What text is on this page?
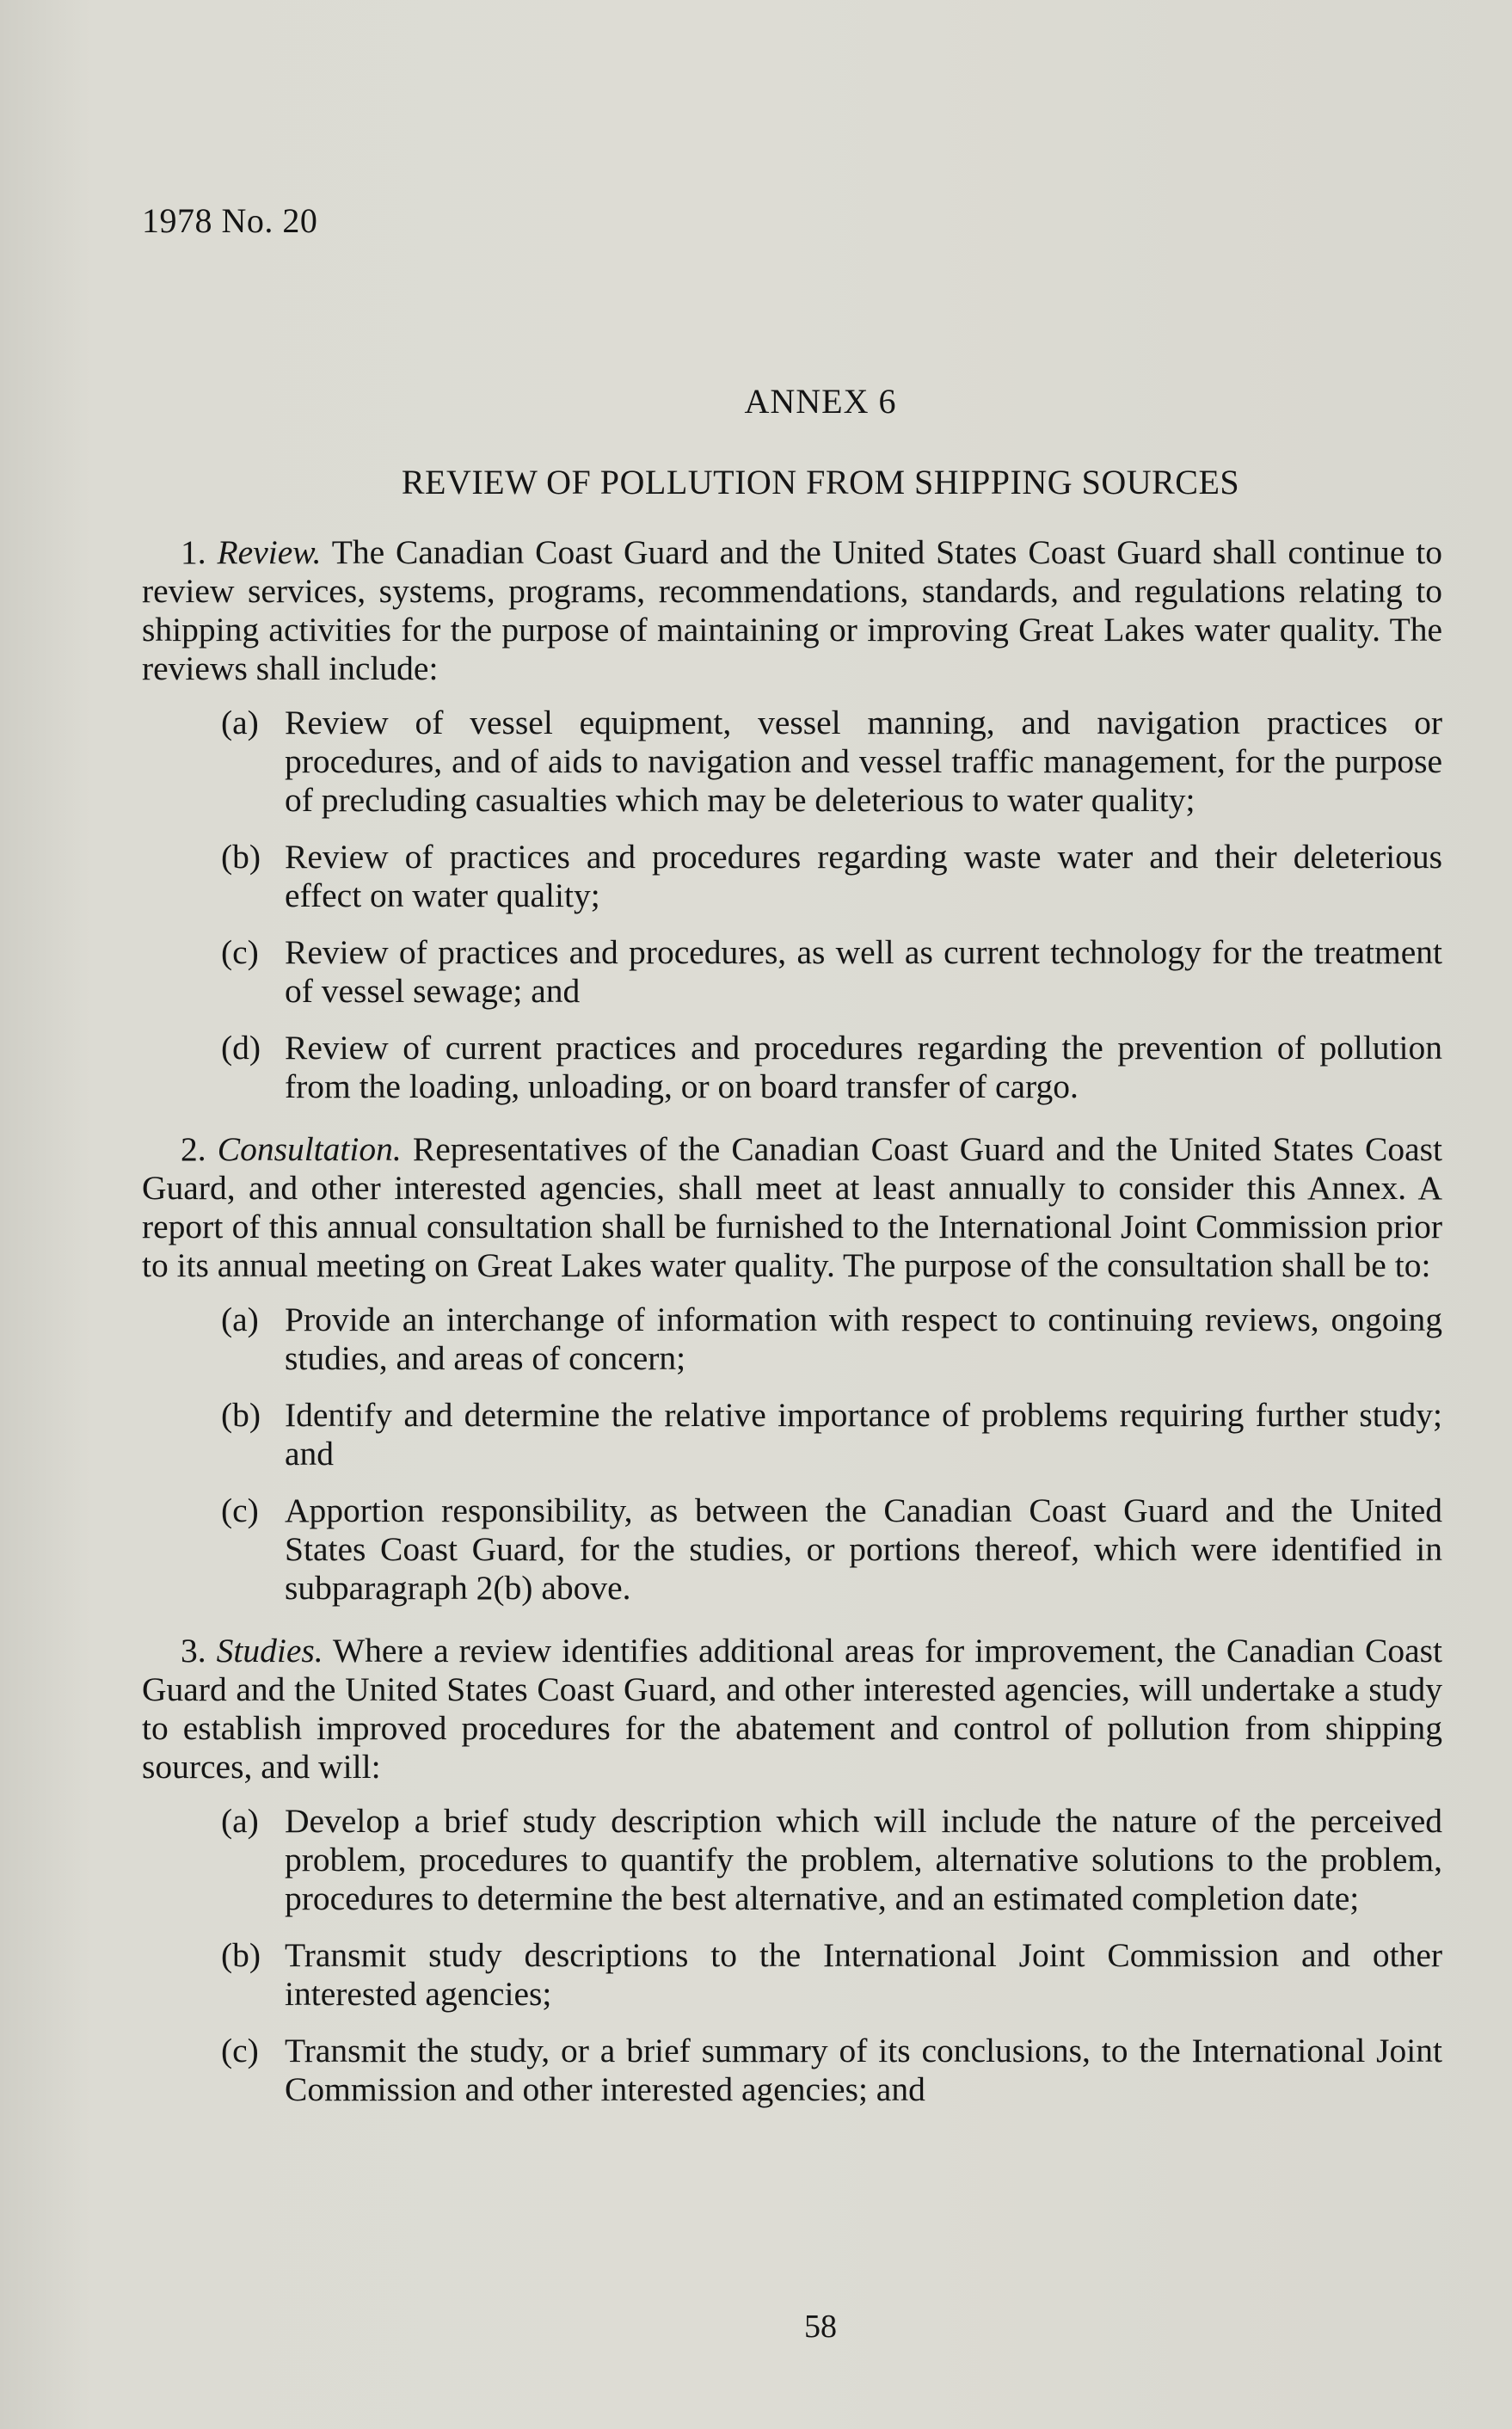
1978 No. 20
ANNEX 6
REVIEW OF POLLUTION FROM SHIPPING SOURCES

1. Review. The Canadian Coast Guard and the United States Coast Guard shall continue to review services, systems, programs, recommendations, standards, and regulations relating to shipping activities for the purpose of maintaining or improving Great Lakes water quality. The reviews shall include:

(a) Review of vessel equipment, vessel manning, and navigation practices or procedures, and of aids to navigation and vessel traffic management, for the purpose of precluding casualties which may be deleterious to water quality;
(b) Review of practices and procedures regarding waste water and their deleterious effect on water quality;
(c) Review of practices and procedures, as well as current technology for the treatment of vessel sewage; and
(d) Review of current practices and procedures regarding the prevention of pollution from the loading, unloading, or on board transfer of cargo.

2. Consultation. Representatives of the Canadian Coast Guard and the United States Coast Guard, and other interested agencies, shall meet at least annually to consider this Annex. A report of this annual consultation shall be furnished to the International Joint Commission prior to its annual meeting on Great Lakes water quality. The purpose of the consultation shall be to:

(a) Provide an interchange of information with respect to continuing reviews, ongoing studies, and areas of concern;
(b) Identify and determine the relative importance of problems requiring further study; and
(c) Apportion responsibility, as between the Canadian Coast Guard and the United States Coast Guard, for the studies, or portions thereof, which were identified in subparagraph 2(b) above.

3. Studies. Where a review identifies additional areas for improvement, the Canadian Coast Guard and the United States Coast Guard, and other interested agencies, will undertake a study to establish improved procedures for the abatement and control of pollution from shipping sources, and will:

(a) Develop a brief study description which will include the nature of the perceived problem, procedures to quantify the problem, alternative solutions to the problem, procedures to determine the best alternative, and an estimated completion date;
(b) Transmit study descriptions to the International Joint Commission and other interested agencies;
(c) Transmit the study, or a brief summary of its conclusions, to the International Joint Commission and other interested agencies; and
58
